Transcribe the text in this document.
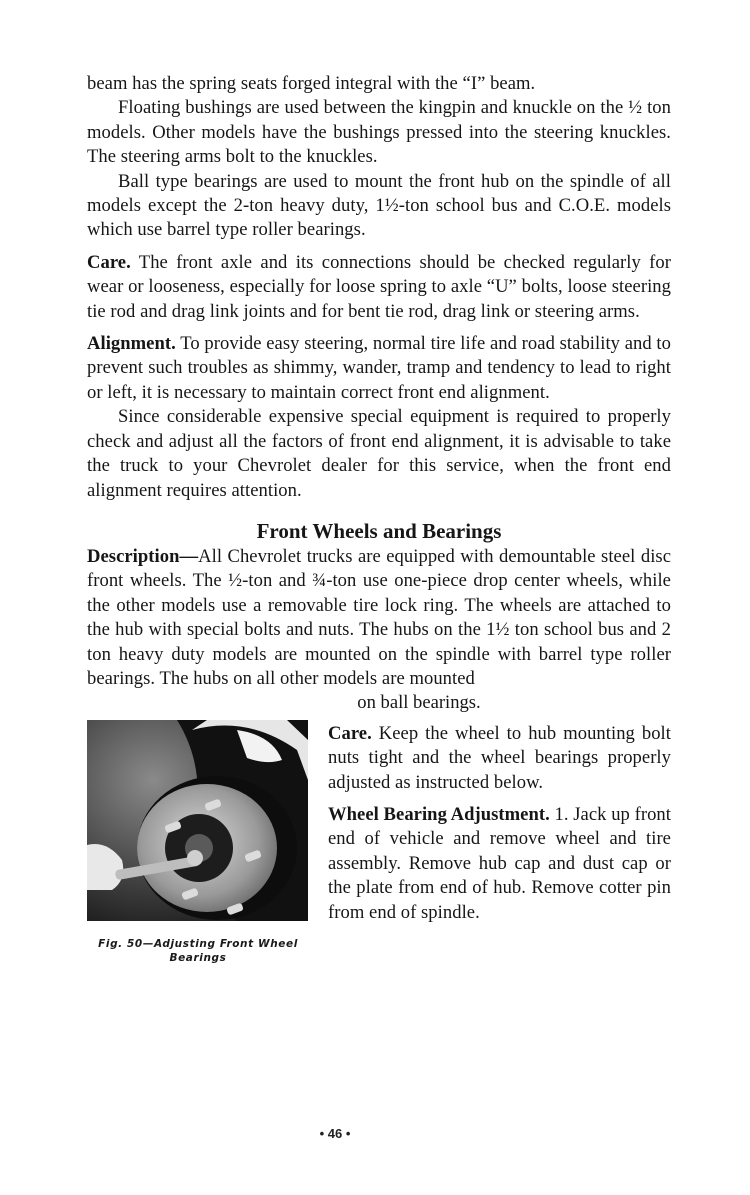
beam has the spring seats forged integral with the “I” beam.

Floating bushings are used between the kingpin and knuckle on the ½ ton models. Other models have the bushings pressed into the steering knuckles. The steering arms bolt to the knuckles.

Ball type bearings are used to mount the front hub on the spindle of all models except the 2-ton heavy duty, 1½-ton school bus and C.O.E. models which use barrel type roller bearings.

Care. The front axle and its connections should be checked regularly for wear or looseness, especially for loose spring to axle “U” bolts, loose steering tie rod and drag link joints and for bent tie rod, drag link or steering arms.

Alignment. To provide easy steering, normal tire life and road stability and to prevent such troubles as shimmy, wander, tramp and tendency to lead to right or left, it is necessary to maintain correct front end alignment.

Since considerable expensive special equipment is required to properly check and adjust all the factors of front end alignment, it is advisable to take the truck to your Chevrolet dealer for this service, when the front end alignment requires attention.

Front Wheels and Bearings

Description—All Chevrolet trucks are equipped with demountable steel disc front wheels. The ½-ton and ¾-ton use one-piece drop center wheels, while the other models use a removable tire lock ring. The wheels are attached to the hub with special bolts and nuts. The hubs on the 1½ ton school bus and 2 ton heavy duty models are mounted on the spindle with barrel type roller bearings. The hubs on all other models are mounted

on ball bearings.
Fig. 50—Adjusting Front Wheel
Bearings

Care. Keep the wheel to hub mounting bolt nuts tight and the wheel bearings properly adjusted as instructed below.

Wheel Bearing Adjustment. 1. Jack up front end of vehicle and remove wheel and tire assembly. Remove hub cap and dust cap or the plate from end of hub. Remove cotter pin from end of spindle.

• 46 •
